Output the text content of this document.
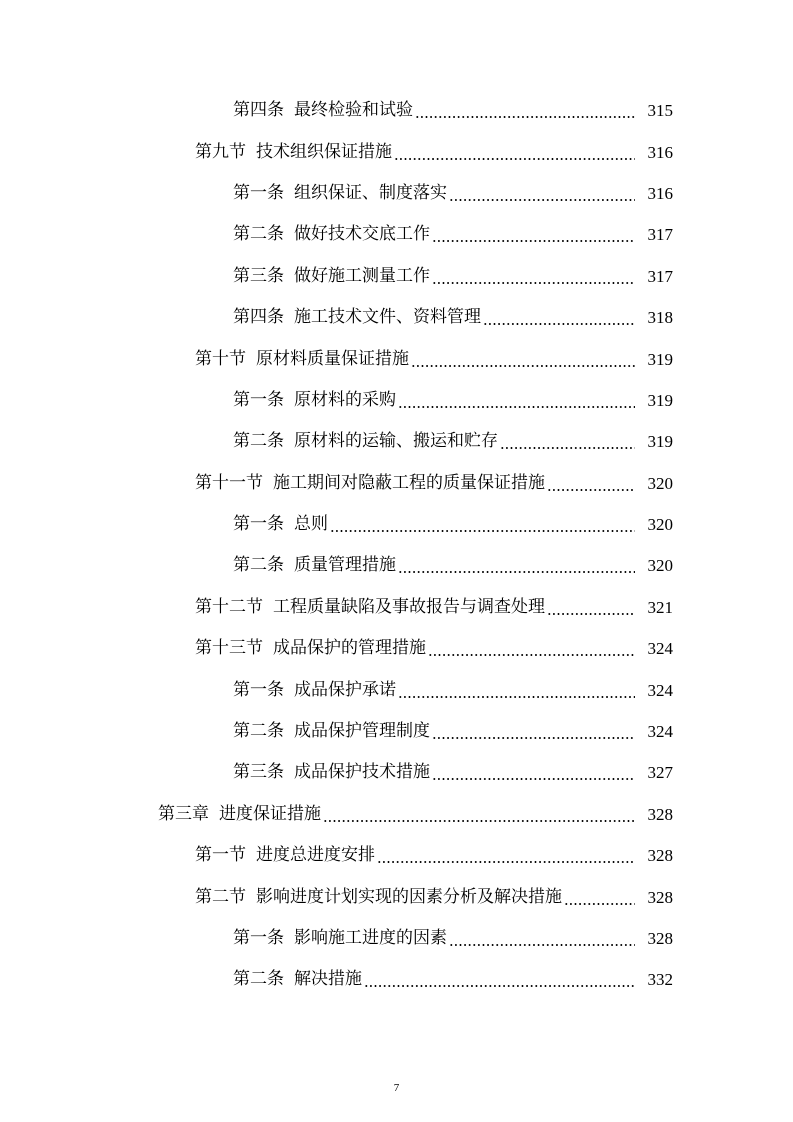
第四条 最终检验和试验	315
第九节 技术组织保证措施	316
第一条 组织保证、制度落实	316
第二条 做好技术交底工作	317
第三条 做好施工测量工作	317
第四条 施工技术文件、资料管理	318
第十节 原材料质量保证措施	319
第一条 原材料的采购	319
第二条 原材料的运输、搬运和贮存	319
第十一节 施工期间对隐蔽工程的质量保证措施	320
第一条 总则	320
第二条 质量管理措施	320
第十二节 工程质量缺陷及事故报告与调查处理	321
第十三节 成品保护的管理措施	324
第一条 成品保护承诺	324
第二条 成品保护管理制度	324
第三条 成品保护技术措施	327
第三章 进度保证措施	328
第一节 进度总进度安排	328
第二节 影响进度计划实现的因素分析及解决措施	328
第一条 影响施工进度的因素	328
第二条 解决措施	332
7
